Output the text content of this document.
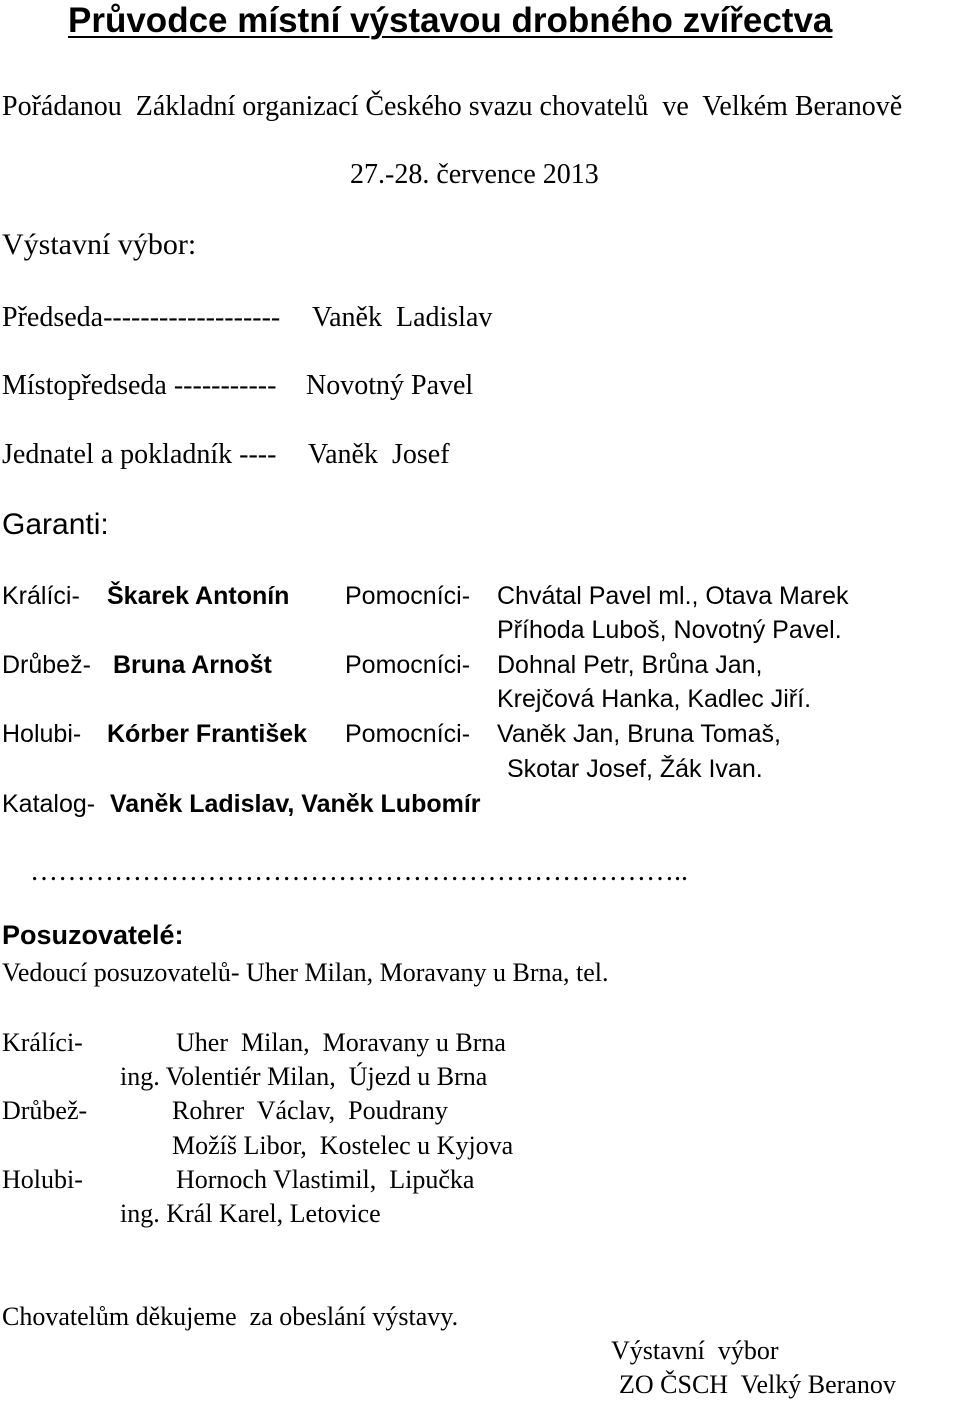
Průvodce místní výstavou drobného zvířectva
Pořádanou  Základní organizací Českého svazu chovatelů  ve  Velkém Beranově
27.-28. července 2013
Výstavní výbor:
Předseda------------------- Vaněk  Ladislav
Místopředseda ----------- Novotný Pavel
Jednatel a pokladník ---- Vaněk  Josef
Garanti:
Králíci- Škarek Antonín Pomocníci- Chvátal Pavel ml., Otava Marek
Příhoda Luboš, Novotný Pavel.
Drůbež- Bruna Arnošt	Pomocníci- Dohnal Petr, Brůna Jan,
Krejčová Hanka, Kadlec Jiří.
Holubi- Kórber František Pomocníci- Vaněk Jan, Bruna Tomaš,
Skotar Josef, Žák Ivan.
Katalog- Vaněk Ladislav, Vaněk Lubomír
……………………………………………………………..
Posuzovatelé:
Vedoucí posuzovatelů- Uher Milan, Moravany u Brna, tel.
Králíci-	Uher  Milan,  Moravany u Brna
ing. Volentiér Milan,  Újezd u Brna
Drůbež-	Rohrer  Václav,  Poudrany
Možíš Libor,  Kostelec u Kyjova
Holubi-	Hornoch Vlastimil,  Lipučka
ing. Král Karel, Letovice
Chovatelům děkujeme  za obeslání výstavy.
Výstavní  výbor
ZO ČSCH  Velký Beranov
